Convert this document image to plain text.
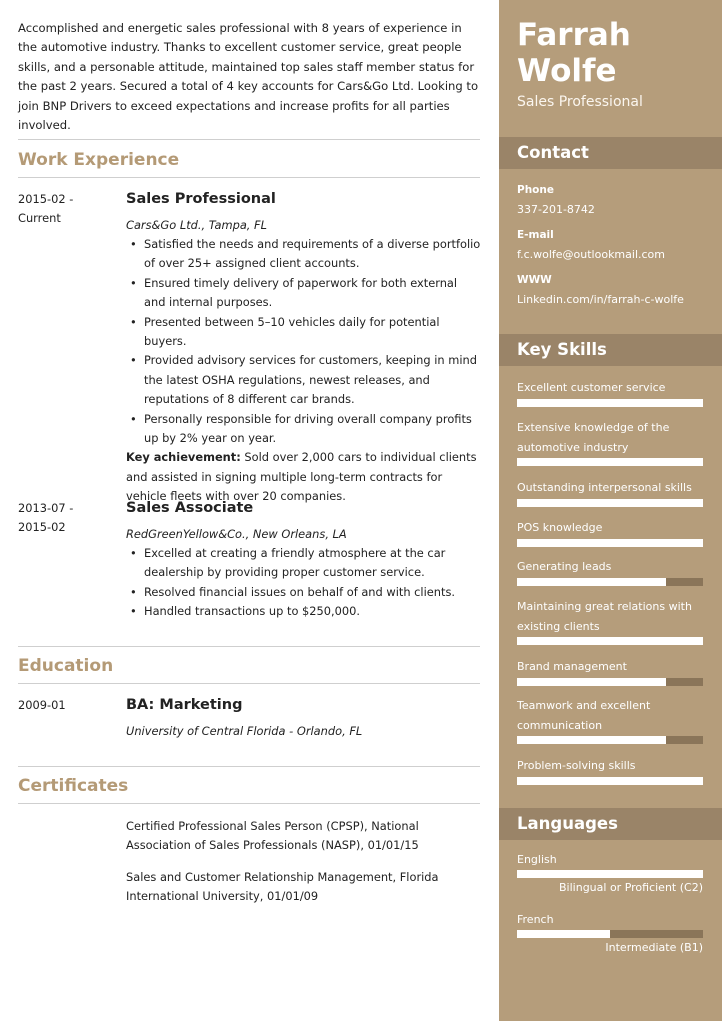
Accomplished and energetic sales professional with 8 years of experience in the automotive industry. Thanks to excellent customer service, great people skills, and a personable attitude, maintained top sales staff member status for the past 2 years. Secured a total of 4 key accounts for Cars&Go Ltd. Looking to join BNP Drivers to exceed expectations and increase profits for all parties involved.

Work Experience
2015-02 -
Current
Sales Professional
Cars&Go Ltd., Tampa, FL
• Satisfied the needs and requirements of a diverse portfolio of over 25+ assigned client accounts.
• Ensured timely delivery of paperwork for both external and internal purposes.
• Presented between 5–10 vehicles daily for potential buyers.
• Provided advisory services for customers, keeping in mind the latest OSHA regulations, newest releases, and reputations of 8 different car brands.
• Personally responsible for driving overall company profits up by 2% year on year.

Key achievement: Sold over 2,000 cars to individual clients and assisted in signing multiple long-term contracts for vehicle fleets with over 20 companies.

2013-07 -
2015-02
Sales Associate
RedGreenYellow&Co., New Orleans, LA
• Excelled at creating a friendly atmosphere at the car dealership by providing proper customer service.
• Resolved financial issues on behalf of and with clients.
• Handled transactions up to $250,000.
Education
2009-01	BA: Marketing
University of Central Florida - Orlando, FL
Certificates
Certified Professional Sales Person (CPSP), National Association of Sales Professionals (NASP), 01/01/15
Sales and Customer Relationship Management, Florida International University, 01/01/09
Farrah
Wolfe
Sales Professional
Contact
Phone
337-201-8742
E-mail
f.c.wolfe@outlookmail.com
WWW
Linkedin.com/in/farrah-c-wolfe
Key Skills
Excellent customer service
Extensive knowledge of the automotive industry
Outstanding interpersonal skills
POS knowledge
Generating leads
Maintaining great relations with existing clients
Brand management
Teamwork and excellent communication
Problem-solving skills
Languages
English
Bilingual or Proficient (C2)
French
Intermediate (B1)
